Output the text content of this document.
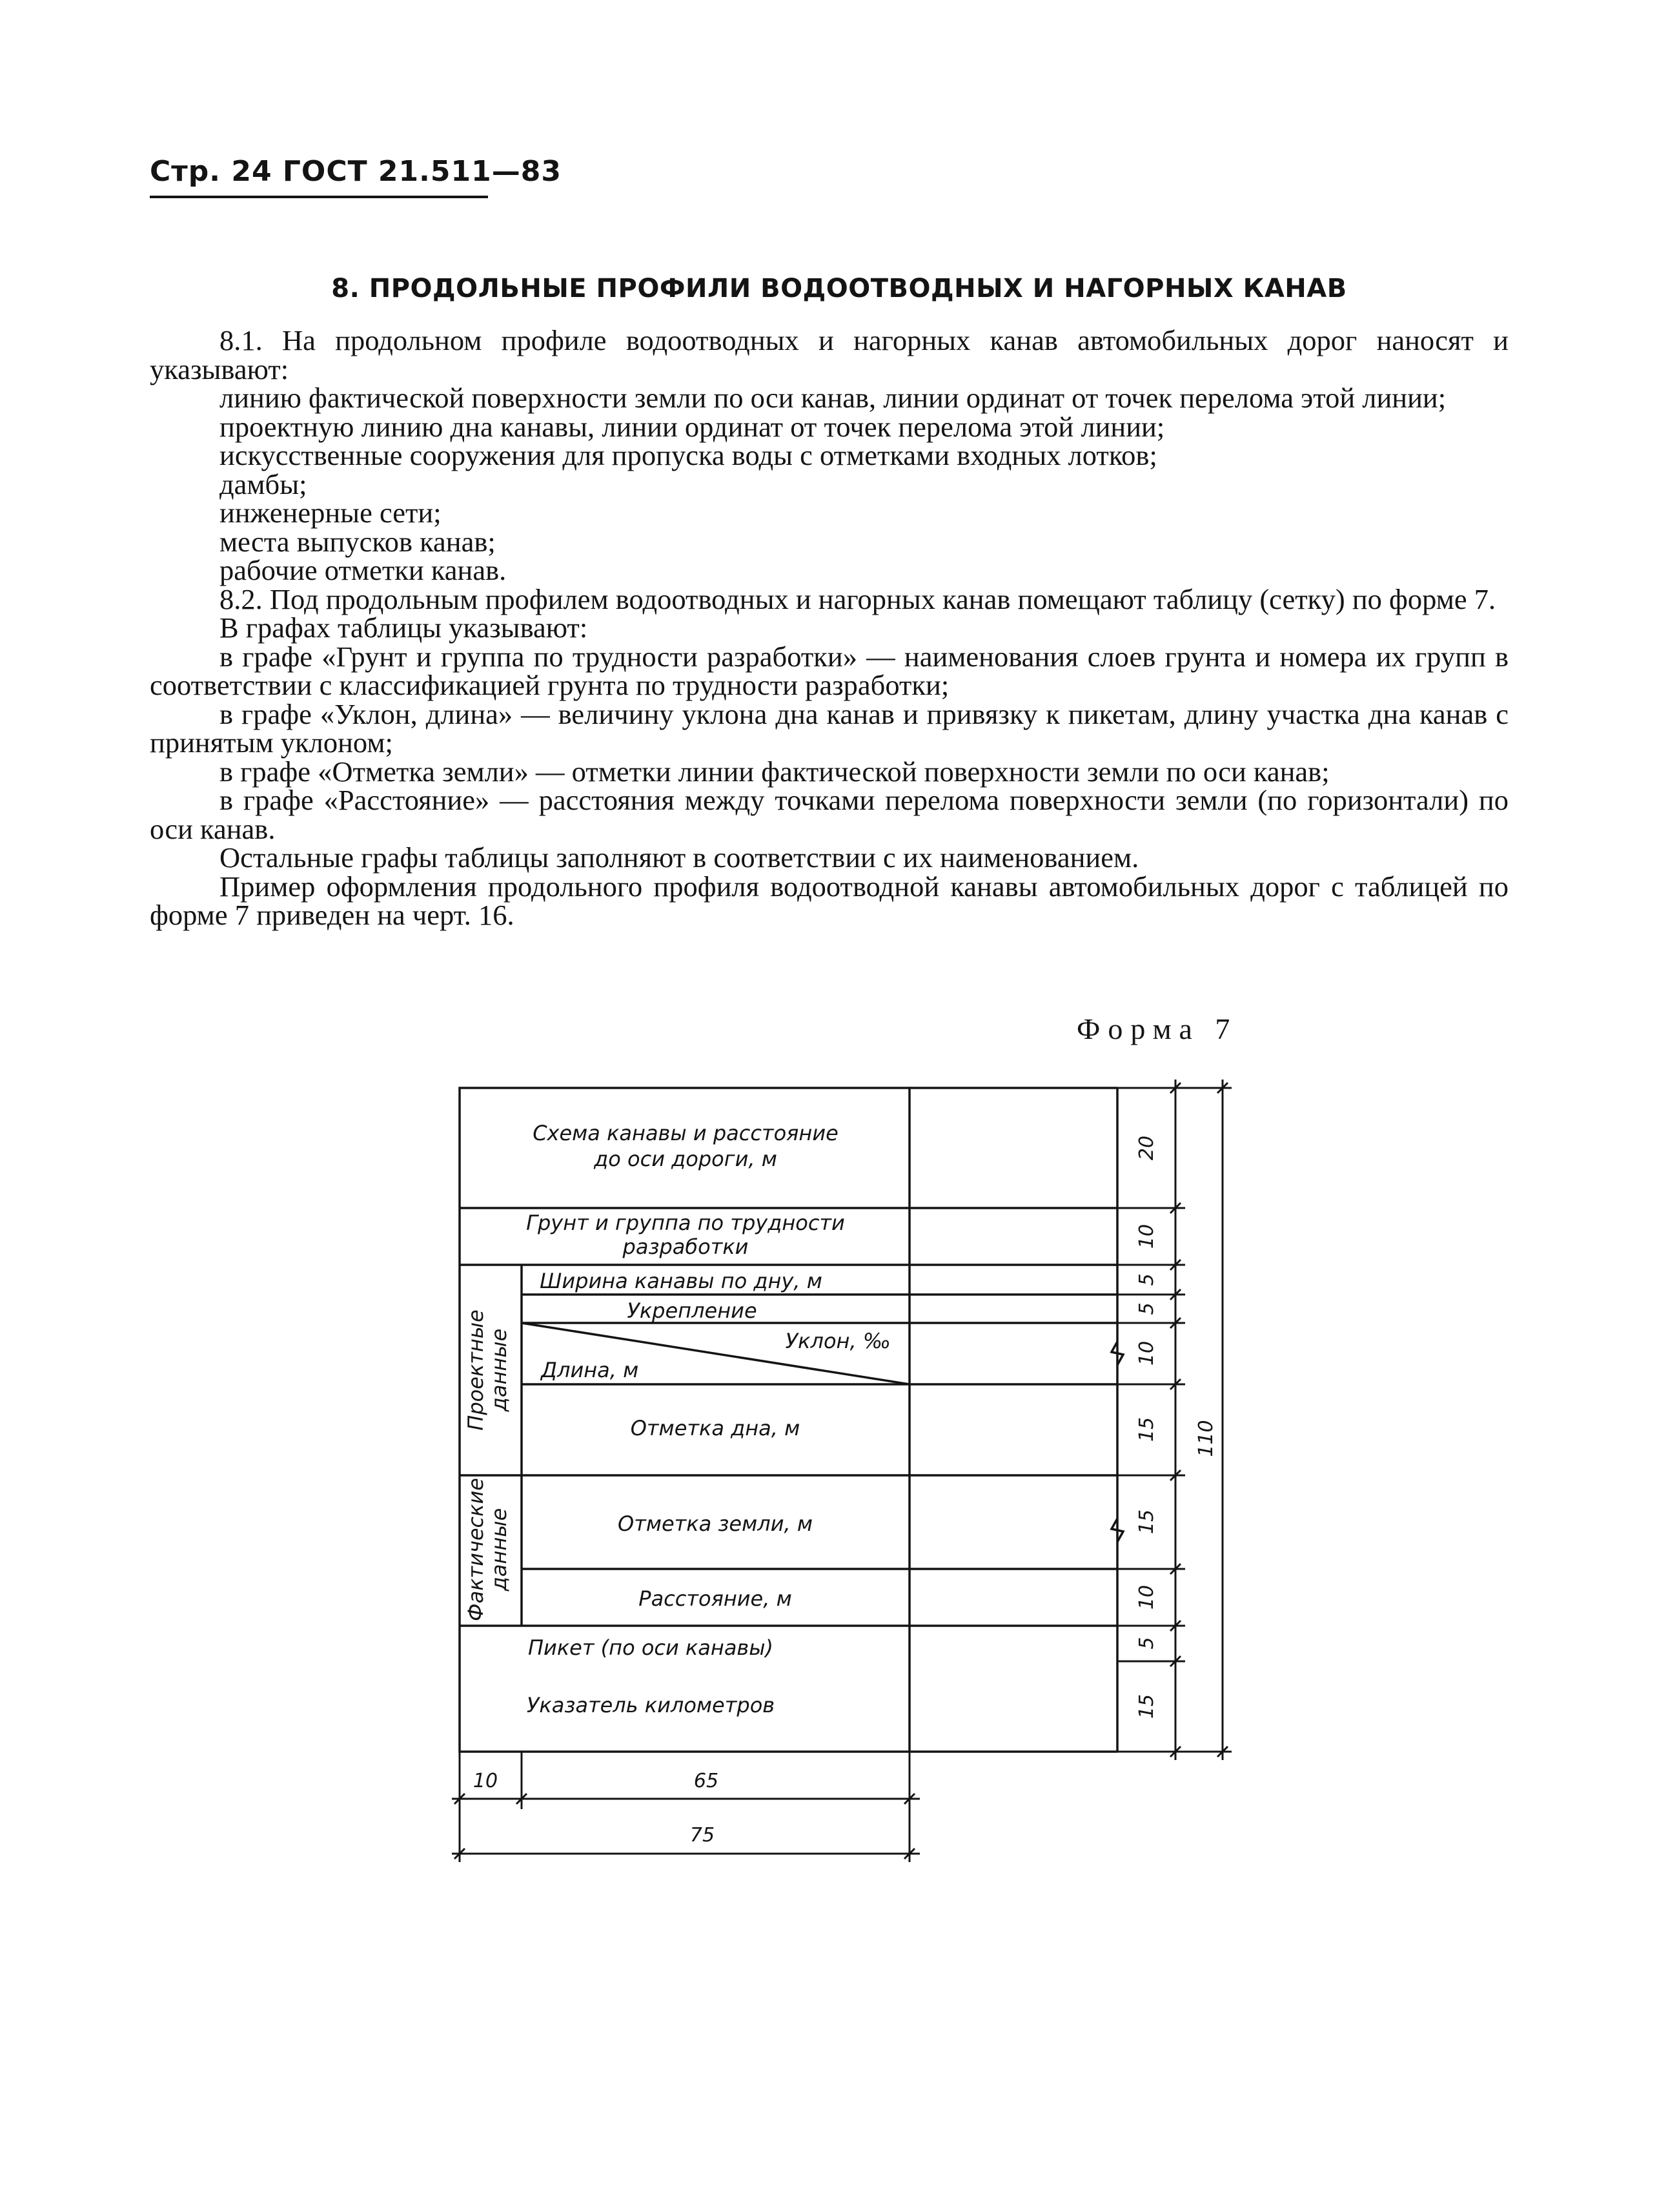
Стр. 24 ГОСТ 21.511—83
8. ПРОДОЛЬНЫЕ ПРОФИЛИ ВОДООТВОДНЫХ И НАГОРНЫХ КАНАВ

8.1. На продольном профиле водоотводных и нагорных канав автомобильных дорог наносят и указывают:

линию фактической поверхности земли по оси канав, линии ординат от точек перелома этой линии;

проектную линию дна канавы, линии ординат от точек перелома этой линии;

искусственные сооружения для пропуска воды с отметками входных лотков;

дамбы;

инженерные сети;

места выпусков канав;

рабочие отметки канав.

8.2. Под продольным профилем водоотводных и нагорных канав помещают таблицу (сетку) по форме 7.

В графах таблицы указывают:

в графе «Грунт и группа по трудности разработки» — наименования слоев грунта и номера их групп в соответствии с классификацией грунта по трудности разработки;

в графе «Уклон, длина» — величину уклона дна канав и привязку к пикетам, длину участка дна канав с принятым уклоном;

в графе «Отметка земли» — отметки линии фактической поверхности земли по оси канав;

в графе «Расстояние» — расстояния между точками перелома поверхности земли (по горизонтали) по оси канав.

Остальные графы таблицы заполняют в соответствии с их наименованием.

Пример оформления продольного профиля водоотводной канавы автомобильных дорог с таблицей по форме 7 приведен на черт. 16.

Форма 7
Схема канавы и расстояние
до оси дороги, м
Грунт и группа по трудности
разработки
Ширина канавы по дну, м
Укрепление
Уклон, ‰
Длина, м
Отметка дна, м
Отметка земли, м
Расстояние, м
Пикет (по оси канавы)
Указатель километров
Проектные
данные
Фактические
данные
20
10
5
5
10
15
15
10
5
15
110
10	65
75
